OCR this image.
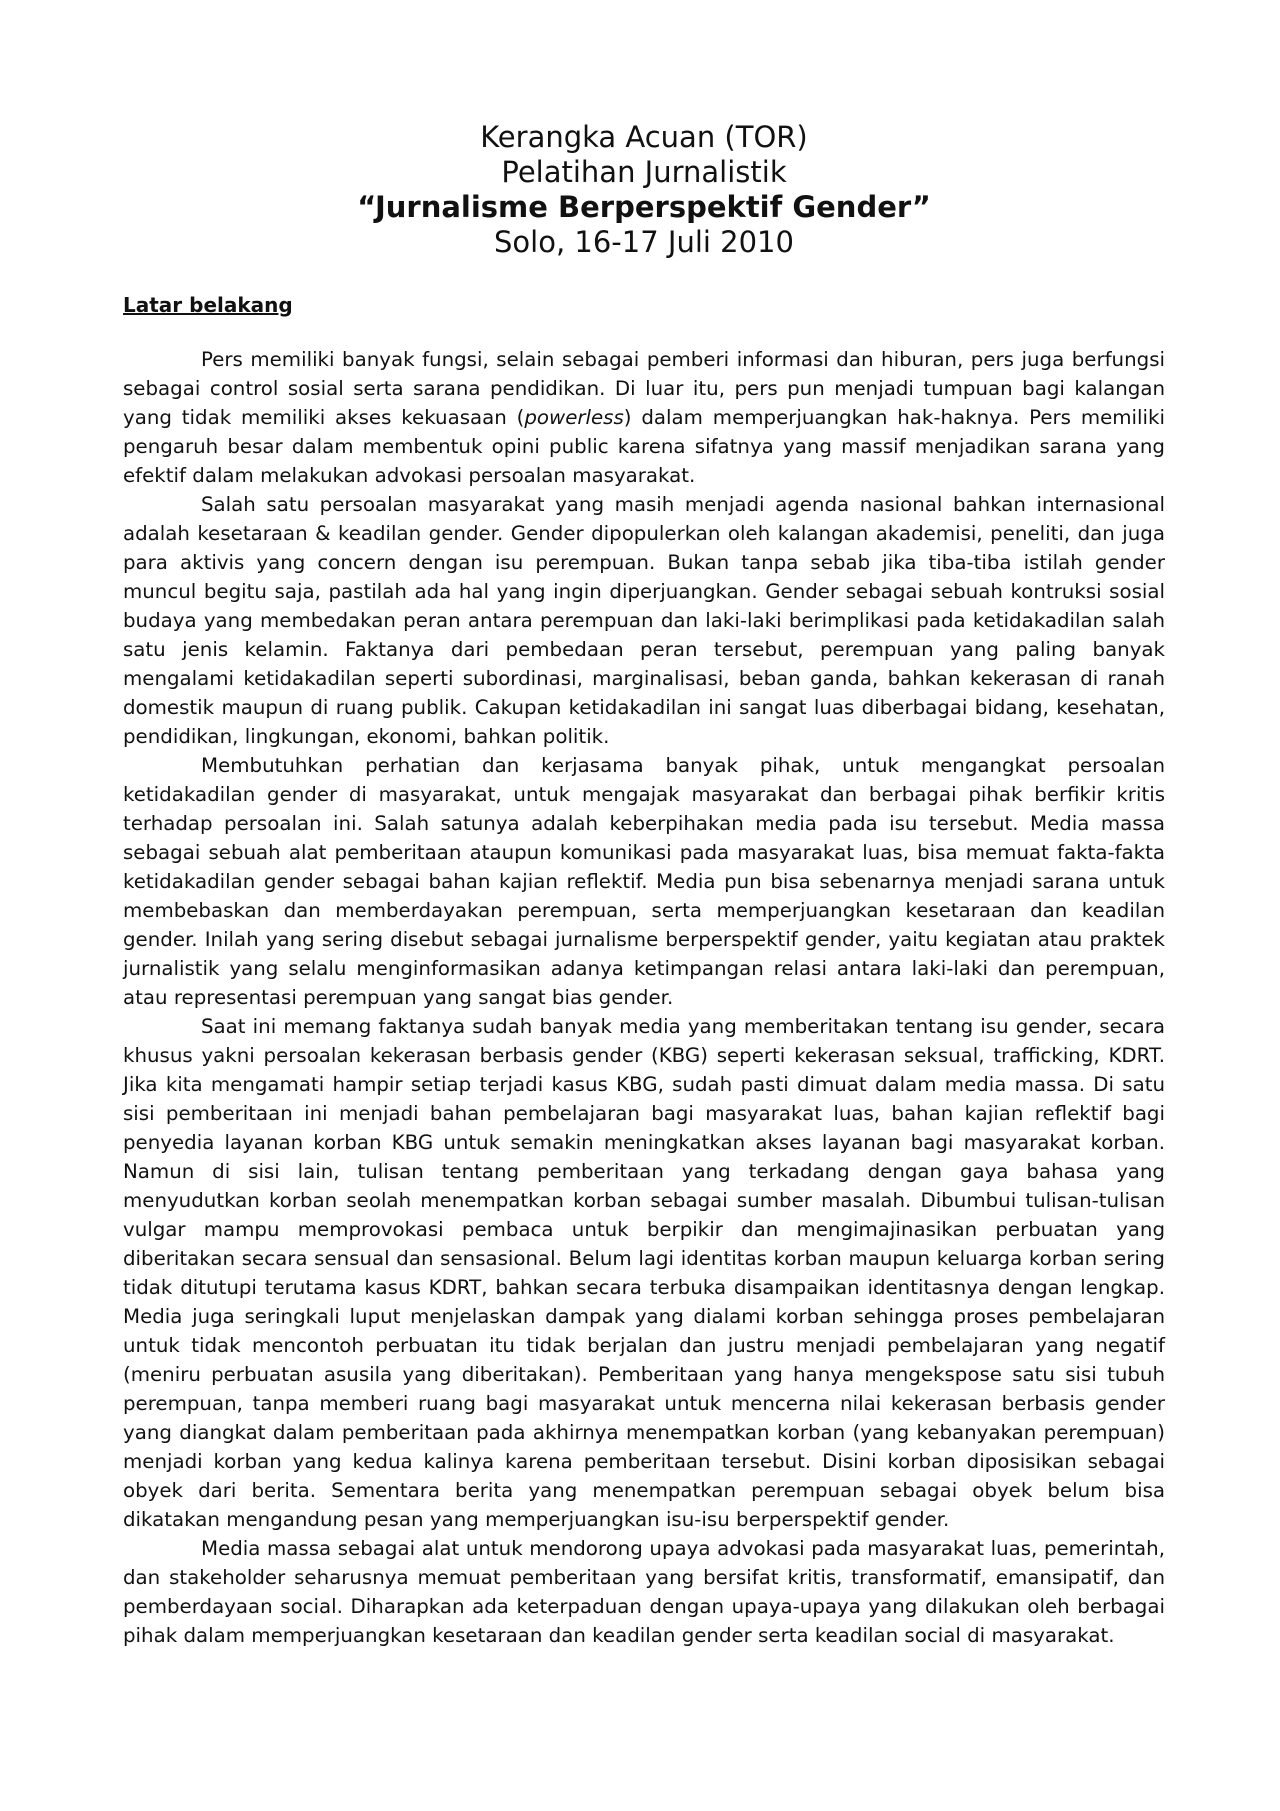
Kerangka Acuan (TOR)
Pelatihan Jurnalistik
“Jurnalisme Berperspektif Gender”
Solo, 16-17 Juli 2010
Latar belakang

Pers memiliki banyak fungsi, selain sebagai pemberi informasi dan hiburan, pers juga berfungsi sebagai control sosial serta sarana pendidikan. Di luar itu, pers pun menjadi tumpuan bagi kalangan yang tidak memiliki akses kekuasaan (powerless) dalam memperjuangkan hak-haknya. Pers memiliki pengaruh besar dalam membentuk opini public karena sifatnya yang massif menjadikan sarana yang efektif dalam melakukan advokasi persoalan masyarakat.

Salah satu persoalan masyarakat yang masih menjadi agenda nasional bahkan internasional adalah kesetaraan & keadilan gender. Gender dipopulerkan oleh kalangan akademisi, peneliti, dan juga para aktivis yang concern dengan isu perempuan. Bukan tanpa sebab jika tiba-tiba istilah gender muncul begitu saja, pastilah ada hal yang ingin diperjuangkan. Gender sebagai sebuah kontruksi sosial budaya yang membedakan peran antara perempuan dan laki-laki berimplikasi pada ketidakadilan salah satu jenis kelamin. Faktanya dari pembedaan peran tersebut, perempuan yang paling banyak mengalami ketidakadilan seperti subordinasi, marginalisasi, beban ganda, bahkan kekerasan di ranah domestik maupun di ruang publik. Cakupan ketidakadilan ini sangat luas diberbagai bidang, kesehatan, pendidikan, lingkungan, ekonomi, bahkan politik.

Membutuhkan perhatian dan kerjasama banyak pihak, untuk mengangkat persoalan ketidakadilan gender di masyarakat, untuk mengajak masyarakat dan berbagai pihak berfikir kritis terhadap persoalan ini. Salah satunya adalah keberpihakan media pada isu tersebut. Media massa sebagai sebuah alat pemberitaan ataupun komunikasi pada masyarakat luas, bisa memuat fakta-fakta ketidakadilan gender sebagai bahan kajian reflektif. Media pun bisa sebenarnya menjadi sarana untuk membebaskan dan memberdayakan perempuan, serta memperjuangkan kesetaraan dan keadilan gender. Inilah yang sering disebut sebagai jurnalisme berperspektif gender, yaitu kegiatan atau praktek jurnalistik yang selalu menginformasikan adanya ketimpangan relasi antara laki-laki dan perempuan, atau representasi perempuan yang sangat bias gender.

Saat ini memang faktanya sudah banyak media yang memberitakan tentang isu gender, secara khusus yakni persoalan kekerasan berbasis gender (KBG) seperti kekerasan seksual, trafficking, KDRT. Jika kita mengamati hampir setiap terjadi kasus KBG, sudah pasti dimuat dalam media massa. Di satu sisi pemberitaan ini menjadi bahan pembelajaran bagi masyarakat luas, bahan kajian reflektif bagi penyedia layanan korban KBG untuk semakin meningkatkan akses layanan bagi masyarakat korban. Namun di sisi lain, tulisan tentang pemberitaan yang terkadang dengan gaya bahasa yang menyudutkan korban seolah menempatkan korban sebagai sumber masalah. Dibumbui tulisan-tulisan vulgar mampu memprovokasi pembaca untuk berpikir dan mengimajinasikan perbuatan yang diberitakan secara sensual dan sensasional. Belum lagi identitas korban maupun keluarga korban sering tidak ditutupi terutama kasus KDRT, bahkan secara terbuka disampaikan identitasnya dengan lengkap. Media juga seringkali luput menjelaskan dampak yang dialami korban sehingga proses pembelajaran untuk tidak mencontoh perbuatan itu tidak berjalan dan justru menjadi pembelajaran yang negatif (meniru perbuatan asusila yang diberitakan). Pemberitaan yang hanya mengekspose satu sisi tubuh perempuan, tanpa memberi ruang bagi masyarakat untuk mencerna nilai kekerasan berbasis gender yang diangkat dalam pemberitaan pada akhirnya menempatkan korban (yang kebanyakan perempuan) menjadi korban yang kedua kalinya karena pemberitaan tersebut. Disini korban diposisikan sebagai obyek dari berita. Sementara berita yang menempatkan perempuan sebagai obyek belum bisa dikatakan mengandung pesan yang memperjuangkan isu-isu berperspektif gender.

Media massa sebagai alat untuk mendorong upaya advokasi pada masyarakat luas, pemerintah, dan stakeholder seharusnya memuat pemberitaan yang bersifat kritis, transformatif, emansipatif, dan pemberdayaan social. Diharapkan ada keterpaduan dengan upaya-upaya yang dilakukan oleh berbagai pihak dalam memperjuangkan kesetaraan dan keadilan gender serta keadilan social di masyarakat.
